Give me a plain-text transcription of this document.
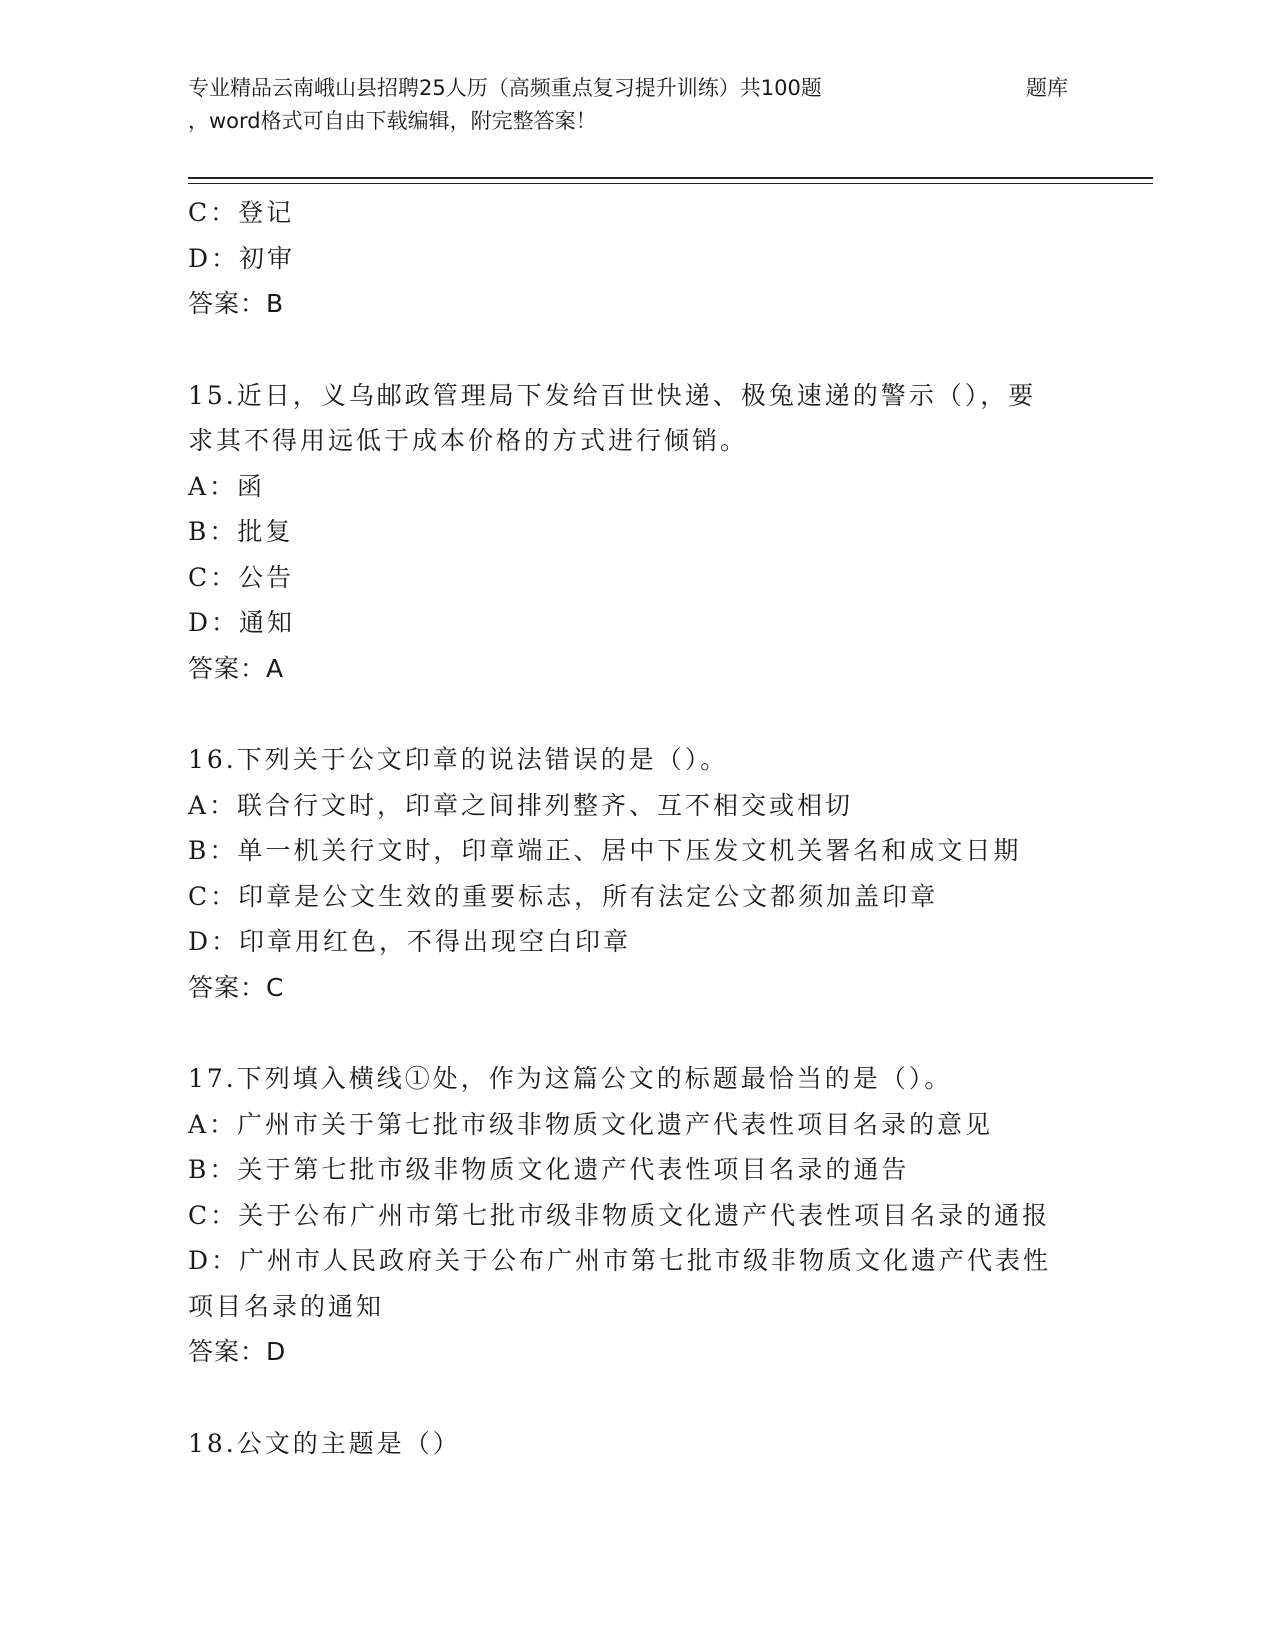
专业精品云南峨山县招聘25人历（高频重点复习提升训练）共100题	题库
，word格式可自由下载编辑，附完整答案！
C：登记
D：初审
答案：B
15.近日，义乌邮政管理局下发给百世快递、极兔速递的警示（），要
求其不得用远低于成本价格的方式进行倾销。
A：函
B：批复
C：公告
D：通知
答案：A
16.下列关于公文印章的说法错误的是（）。
A：联合行文时，印章之间排列整齐、互不相交或相切
B：单一机关行文时，印章端正、居中下压发文机关署名和成文日期
C：印章是公文生效的重要标志，所有法定公文都须加盖印章
D：印章用红色，不得出现空白印章
答案：C
17.下列填入横线①处，作为这篇公文的标题最恰当的是（）。
A：广州市关于第七批市级非物质文化遗产代表性项目名录的意见
B：关于第七批市级非物质文化遗产代表性项目名录的通告
C：关于公布广州市第七批市级非物质文化遗产代表性项目名录的通报
D：广州市人民政府关于公布广州市第七批市级非物质文化遗产代表性
项目名录的通知
答案：D
18.公文的主题是（）
